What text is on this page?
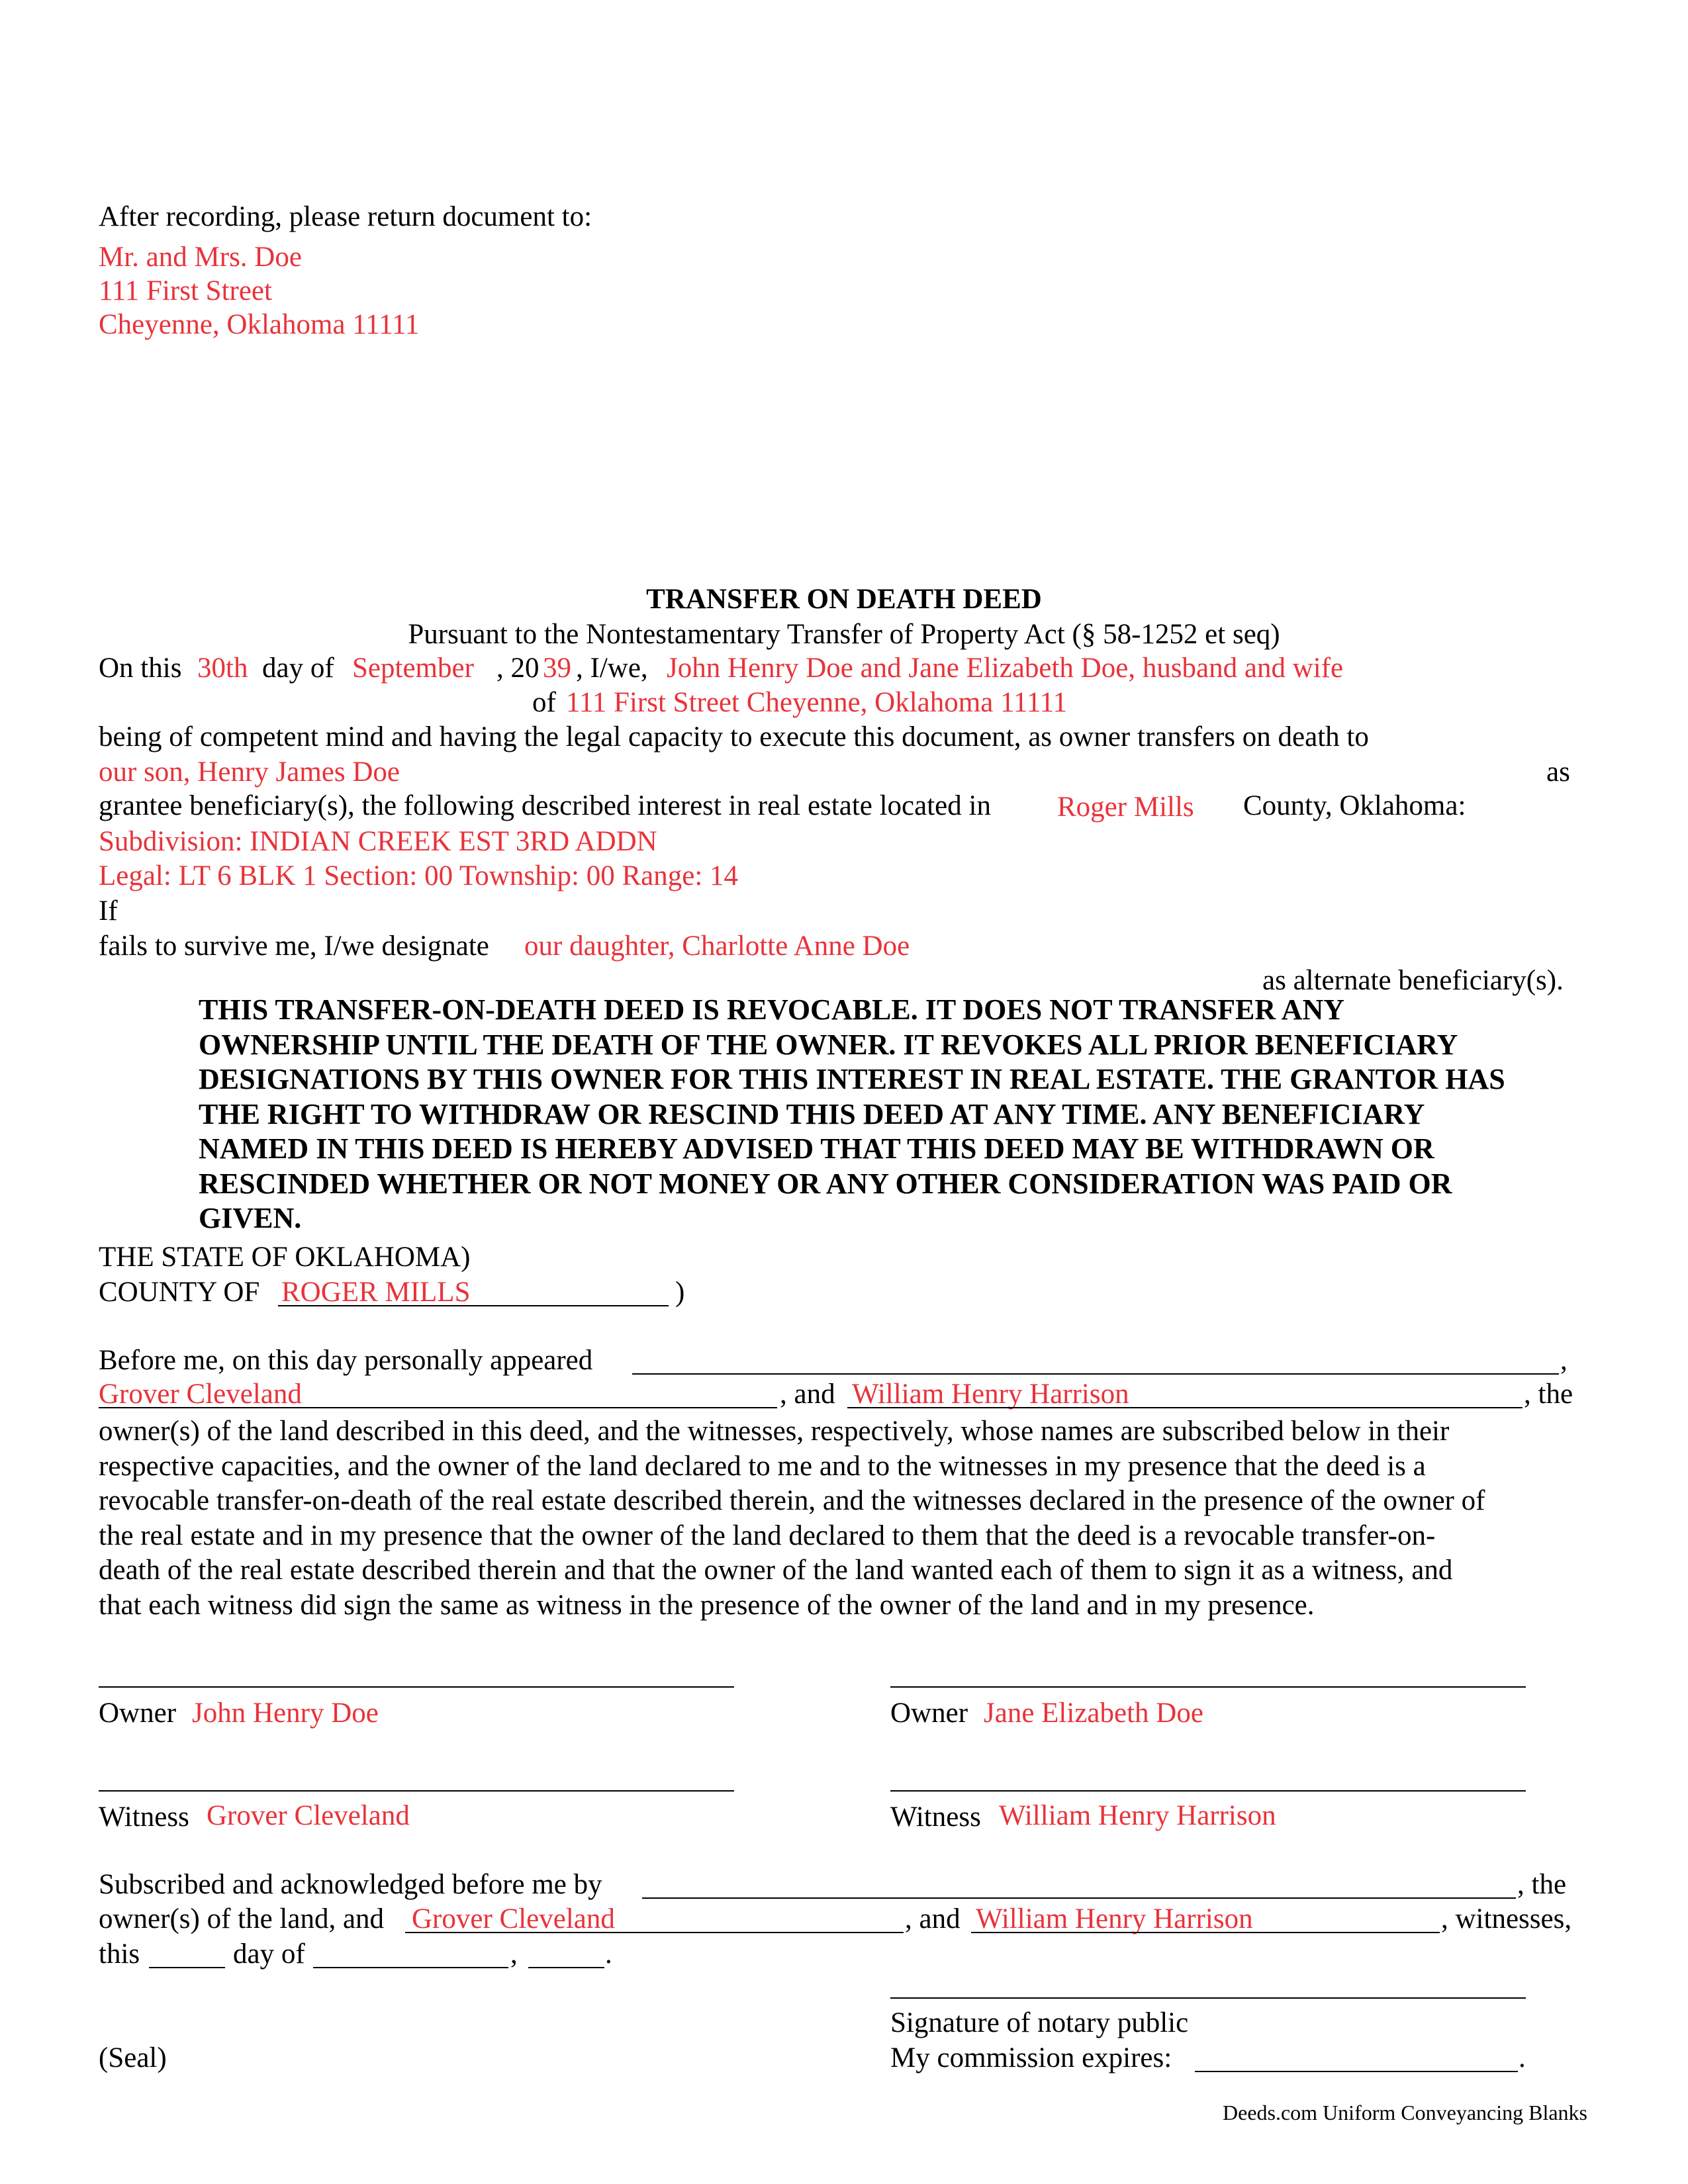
After recording, please return document to:
Mr. and Mrs. Doe
111 First Street
Cheyenne, Oklahoma 11111
TRANSFER ON DEATH DEED
Pursuant to the Nontestamentary Transfer of Property Act (§ 58-1252 et seq)
On this 30th day of September , 20 39 , I/we, John Henry Doe and Jane Elizabeth Doe, husband and wife
of 111 First Street Cheyenne, Oklahoma 11111
being of competent mind and having the legal capacity to execute this document, as owner transfers on death to
our son, Henry James Doe	as
grantee beneficiary(s), the following described interest in real estate located in Roger Mills County, Oklahoma:
Subdivision: INDIAN CREEK EST 3RD ADDN
Legal: LT 6 BLK 1 Section: 00 Township: 00 Range: 14
If
fails to survive me, I/we designate our daughter, Charlotte Anne Doe
as alternate beneficiary(s).
THIS TRANSFER-ON-DEATH DEED IS REVOCABLE. IT DOES NOT TRANSFER ANY
OWNERSHIP UNTIL THE DEATH OF THE OWNER. IT REVOKES ALL PRIOR BENEFICIARY
DESIGNATIONS BY THIS OWNER FOR THIS INTEREST IN REAL ESTATE. THE GRANTOR HAS
THE RIGHT TO WITHDRAW OR RESCIND THIS DEED AT ANY TIME. ANY BENEFICIARY
NAMED IN THIS DEED IS HEREBY ADVISED THAT THIS DEED MAY BE WITHDRAWN OR
RESCINDED WHETHER OR NOT MONEY OR ANY OTHER CONSIDERATION WAS PAID OR
GIVEN.
THE STATE OF OKLAHOMA)
COUNTY OF ROGER MILLS	)
Before me, on this day personally appeared	,
Grover Cleveland	, and William Henry Harrison	, the
owner(s) of the land described in this deed, and the witnesses, respectively, whose names are subscribed below in their
respective capacities, and the owner of the land declared to me and to the witnesses in my presence that the deed is a
revocable transfer-on-death of the real estate described therein, and the witnesses declared in the presence of the owner of
the real estate and in my presence that the owner of the land declared to them that the deed is a revocable transfer-on-
death of the real estate described therein and that the owner of the land wanted each of them to sign it as a witness, and
that each witness did sign the same as witness in the presence of the owner of the land and in my presence.
Owner John Henry Doe	Owner Jane Elizabeth Doe
Witness Grover Cleveland	Witness William Henry Harrison
Subscribed and acknowledged before me by	, the
owner(s) of the land, and Grover Cleveland	, and William Henry Harrison	, witnesses,
this	day of	,	.
Signature of notary public
(Seal)	My commission expires:	.
Deeds.com Uniform Conveyancing Blanks
